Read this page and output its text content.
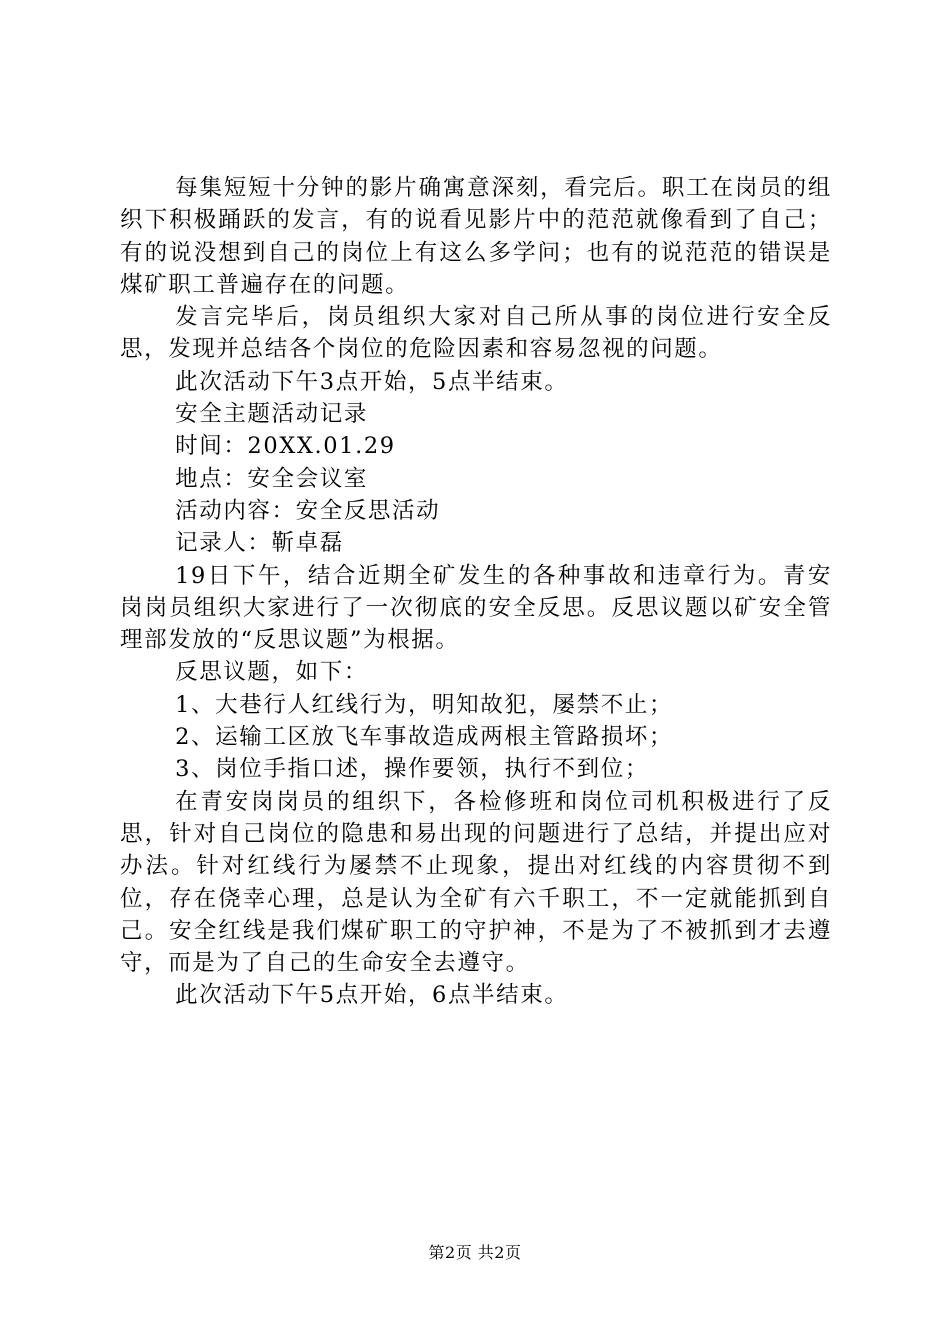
每集短短十分钟的影片确寓意深刻，看完后。职工在岗员的组织下积极踊跃的发言，有的说看见影片中的范范就像看到了自己；有的说没想到自己的岗位上有这么多学问；也有的说范范的错误是煤矿职工普遍存在的问题。

发言完毕后，岗员组织大家对自己所从事的岗位进行安全反思，发现并总结各个岗位的危险因素和容易忽视的问题。

此次活动下午3点开始，5点半结束。

安全主题活动记录

时间：20XX.01.29

地点：安全会议室

活动内容：安全反思活动

记录人：靳卓磊

19日下午，结合近期全矿发生的各种事故和违章行为。青安岗岗员组织大家进行了一次彻底的安全反思。反思议题以矿安全管理部发放的“反思议题”为根据。

反思议题，如下：

1、大巷行人红线行为，明知故犯，屡禁不止；

2、运输工区放飞车事故造成两根主管路损坏；

3、岗位手指口述，操作要领，执行不到位；

在青安岗岗员的组织下，各检修班和岗位司机积极进行了反思，针对自己岗位的隐患和易出现的问题进行了总结，并提出应对办法。针对红线行为屡禁不止现象，提出对红线的内容贯彻不到位，存在侥幸心理，总是认为全矿有六千职工，不一定就能抓到自己。安全红线是我们煤矿职工的守护神，不是为了不被抓到才去遵守，而是为了自己的生命安全去遵守。

此次活动下午5点开始，6点半结束。

第2页 共2页
